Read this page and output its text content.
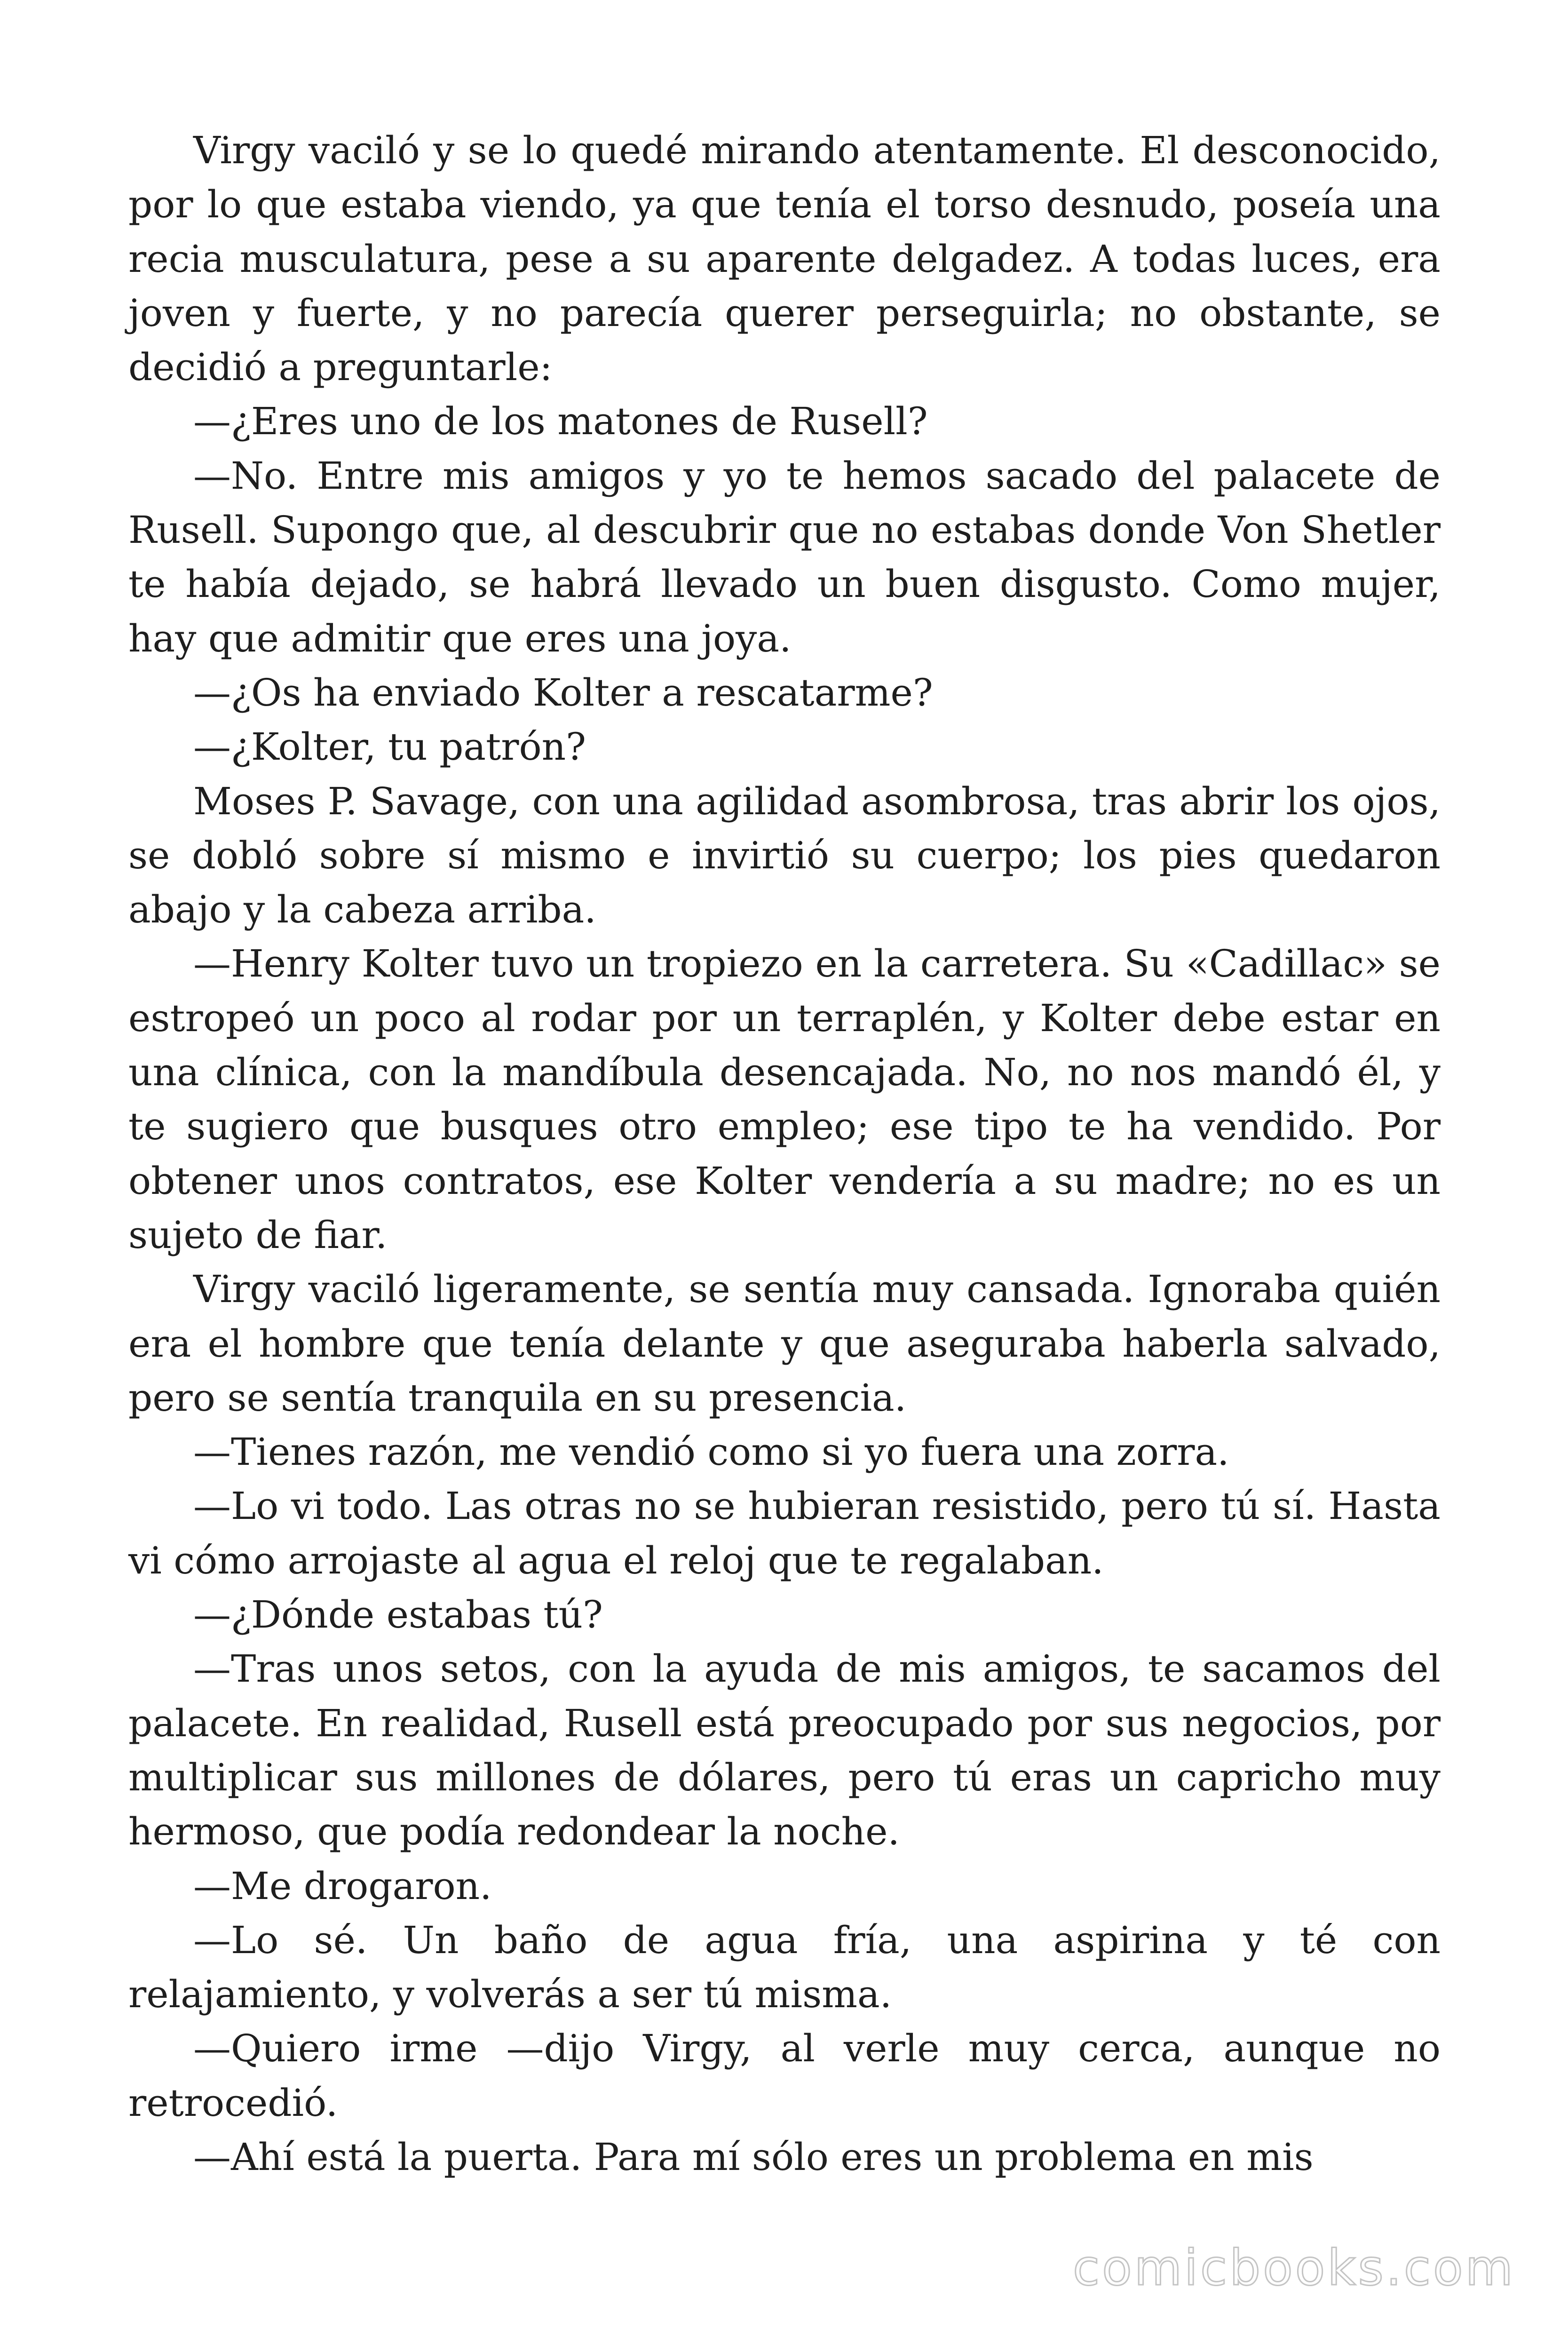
Virgy vaciló y se lo quedé mirando atentamente. El desconocido, por lo que estaba viendo, ya que tenía el torso desnudo, poseía una recia musculatura, pese a su aparente delgadez. A todas luces, era joven y fuerte, y no parecía querer perseguirla; no obstante, se decidió a preguntarle:

—¿Eres uno de los matones de Rusell?

—No. Entre mis amigos y yo te hemos sacado del palacete de Rusell. Supongo que, al descubrir que no estabas donde Von Shetler te había dejado, se habrá llevado un buen disgusto. Como mujer, hay que admitir que eres una joya.

—¿Os ha enviado Kolter a rescatarme?

—¿Kolter, tu patrón?

Moses P. Savage, con una agilidad asombrosa, tras abrir los ojos, se dobló sobre sí mismo e invirtió su cuerpo; los pies quedaron abajo y la cabeza arriba.

—Henry Kolter tuvo un tropiezo en la carretera. Su «Cadillac» se estropeó un poco al rodar por un terraplén, y Kolter debe estar en una clínica, con la mandíbula desencajada. No, no nos mandó él, y te sugiero que busques otro empleo; ese tipo te ha vendido. Por obtener unos contratos, ese Kolter vendería a su madre; no es un sujeto de fiar.

Virgy vaciló ligeramente, se sentía muy cansada. Ignoraba quién era el hombre que tenía delante y que aseguraba haberla salvado, pero se sentía tranquila en su presencia.

—Tienes razón, me vendió como si yo fuera una zorra.

—Lo vi todo. Las otras no se hubieran resistido, pero tú sí. Hasta vi cómo arrojaste al agua el reloj que te regalaban.

—¿Dónde estabas tú?

—Tras unos setos, con la ayuda de mis amigos, te sacamos del palacete. En realidad, Rusell está preocupado por sus negocios, por multiplicar sus millones de dólares, pero tú eras un capricho muy hermoso, que podía redondear la noche.

—Me drogaron.

—Lo sé. Un baño de agua fría, una aspirina y té con relajamiento, y volverás a ser tú misma.

—Quiero irme —dijo Virgy, al verle muy cerca, aunque no retrocedió.

—Ahí está la puerta. Para mí sólo eres un problema en mis

comicbooks.com
